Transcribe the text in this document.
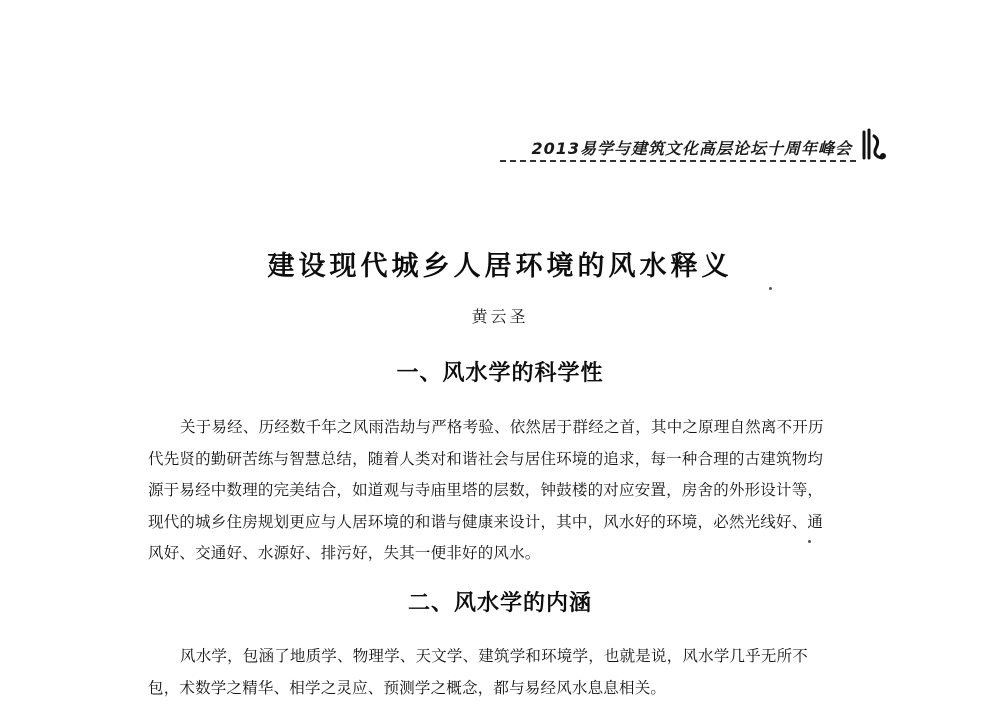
2013易学与建筑文化高层论坛十周年峰会
建设现代城乡人居环境的风水释义
黄云圣
一、风水学的科学性
关于易经、历经数千年之风雨浩劫与严格考验、依然居于群经之首，其中之原理自然离不开历
代先贤的勤研苦练与智慧总结，随着人类对和谐社会与居住环境的追求，每一种合理的古建筑物均
源于易经中数理的完美结合，如道观与寺庙里塔的层数，钟鼓楼的对应安置，房舍的外形设计等，
现代的城乡住房规划更应与人居环境的和谐与健康来设计，其中，风水好的环境，必然光线好、通
风好、交通好、水源好、排污好，失其一便非好的风水。
二、风水学的内涵
风水学，包涵了地质学、物理学、天文学、建筑学和环境学，也就是说，风水学几乎无所不
包，术数学之精华、相学之灵应、预测学之概念，都与易经风水息息相关。
